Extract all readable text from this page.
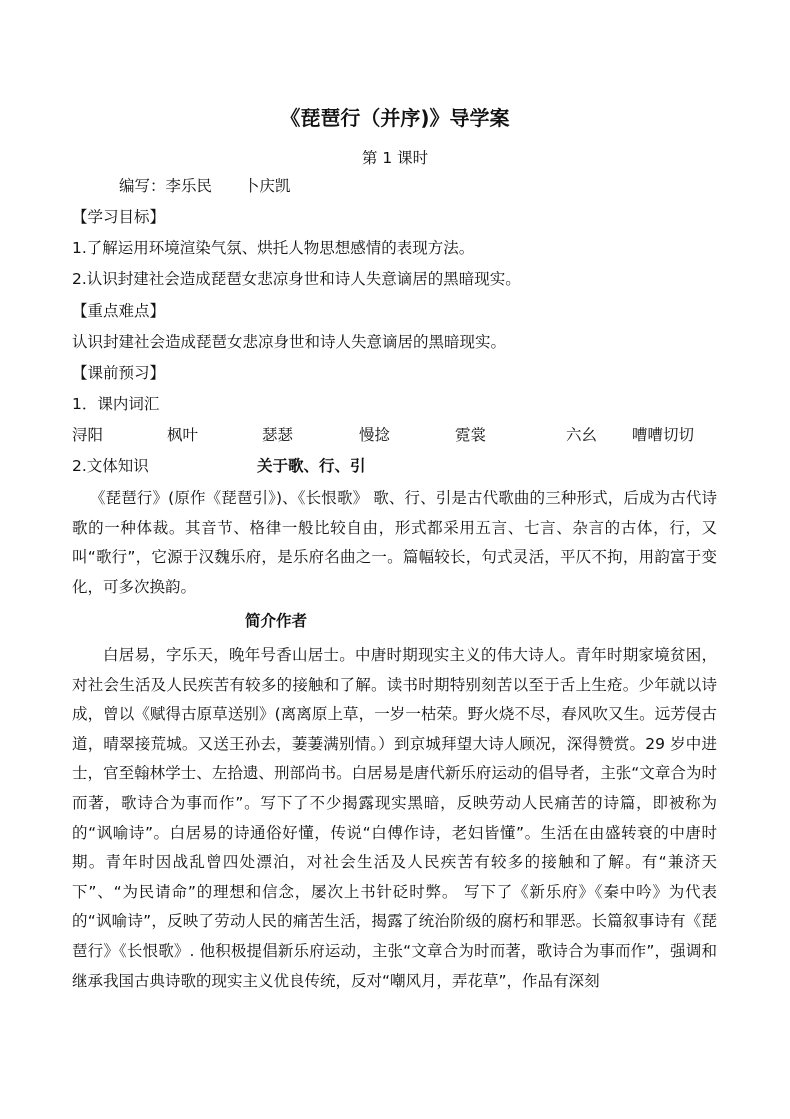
《琵琶行（并序)》导学案
第 1 课时
编写：李乐民 卜庆凯
【学习目标】
1.了解运用环境渲染气氛、烘托人物思想感情的表现方法。
2.认识封建社会造成琵琶女悲凉身世和诗人失意谪居的黑暗现实。
【重点难点】
认识封建社会造成琵琶女悲凉身世和诗人失意谪居的黑暗现实。
【课前预习】
1．课内词汇
浔阳	枫叶	瑟瑟	慢捻	霓裳	六幺 嘈嘈切切
2.文体知识	关于歌、行、引
《琵琶行》(原作《琵琶引》)、《长恨歌》 歌、行、引是古代歌曲的三种形式，后成为古代诗歌的一种体裁。其音节、格律一般比较自由，形式都采用五言、七言、杂言的古体，行，又叫“歌行”，它源于汉魏乐府，是乐府名曲之一。篇幅较长，句式灵活，平仄不拘，用韵富于变化，可多次换韵。
简介作者
白居易，字乐天，晚年号香山居士。中唐时期现实主义的伟大诗人。青年时期家境贫困，对社会生活及人民疾苦有较多的接触和了解。读书时期特别刻苦以至于舌上生疮。少年就以诗成，曾以《赋得古原草送别》(离离原上草，一岁一枯荣。野火烧不尽，春风吹又生。远芳侵古道，晴翠接荒城。又送王孙去，萋萋满别情。）到京城拜望大诗人顾况，深得赞赏。29 岁中进士，官至翰林学士、左拾遗、刑部尚书。白居易是唐代新乐府运动的倡导者，主张“文章合为时而著，歌诗合为事而作”。写下了不少揭露现实黑暗，反映劳动人民痛苦的诗篇，即被称为的“讽喻诗”。白居易的诗通俗好懂，传说“白傅作诗，老妇皆懂”。生活在由盛转衰的中唐时期。青年时因战乱曾四处漂泊，对社会生活及人民疾苦有较多的接触和了解。有“兼济天下”、“为民请命”的理想和信念，屡次上书针砭时弊。 写下了《新乐府》《秦中吟》为代表的“讽喻诗”，反映了劳动人民的痛苦生活，揭露了统治阶级的腐朽和罪恶。长篇叙事诗有《琵琶行》《长恨歌》. 他积极提倡新乐府运动，主张“文章合为时而著，歌诗合为事而作”，强调和继承我国古典诗歌的现实主义优良传统，反对“嘲风月，弄花草”，作品有深刻
